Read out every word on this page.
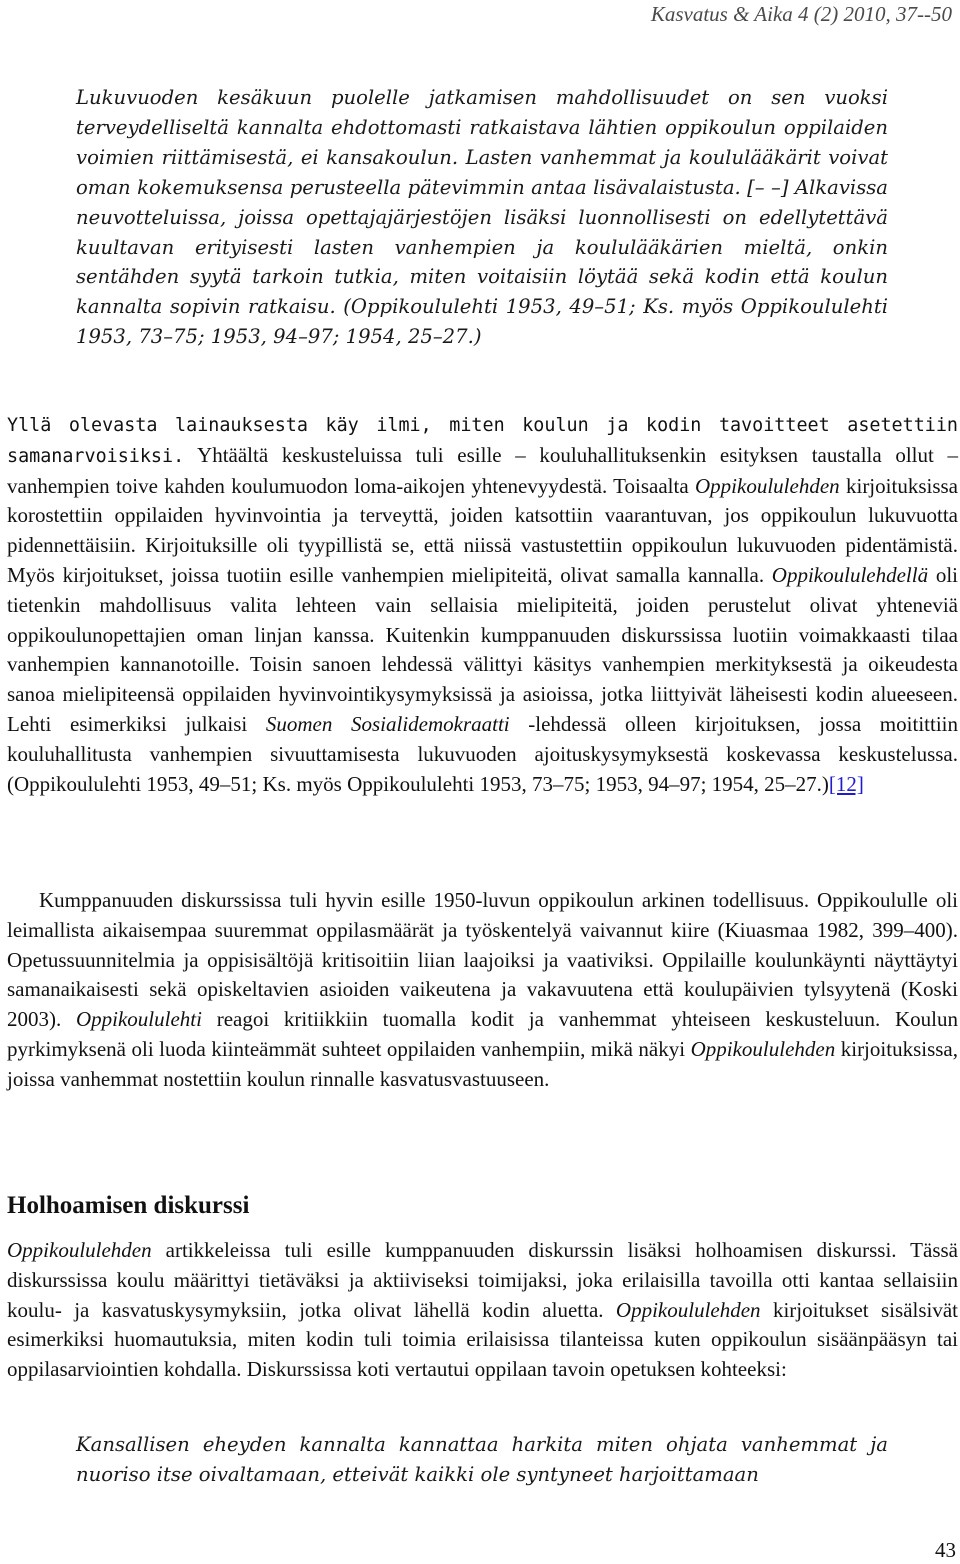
Kasvatus & Aika 4 (2) 2010, 37--50

Lukuvuoden kesäkuun puolelle jatkamisen mahdollisuudet on sen vuoksi terveydelliseltä kannalta ehdottomasti ratkaistava lähtien oppikoulun oppilaiden voimien riittämisestä, ei kansakoulun. Lasten vanhemmat ja koululääkärit voivat oman kokemuksensa perusteella pätevimmin antaa lisävalaistusta. [– –] Alkavissa neuvotteluissa, joissa opettajajärjestöjen lisäksi luonnollisesti on edellytettävä kuultavan erityisesti lasten vanhempien ja koululääkärien mieltä, onkin sentähden syytä tarkoin tutkia, miten voitaisiin löytää sekä kodin että koulun kannalta sopivin ratkaisu. (Oppikoululehti 1953, 49–51; Ks. myös Oppikoululehti 1953, 73–75; 1953, 94–97; 1954, 25–27.)

Yllä olevasta lainauksesta käy ilmi, miten koulun ja kodin tavoitteet asetettiin samanarvoisiksi. Yhtäältä keskusteluissa tuli esille – kouluhallituksenkin esityksen taustalla ollut – vanhempien toive kahden koulumuodon loma-aikojen yhtenevyydestä. Toisaalta Oppikoululehden kirjoituksissa korostettiin oppilaiden hyvinvointia ja terveyttä, joiden katsottiin vaarantuvan, jos oppikoulun lukuvuotta pidennettäisiin. Kirjoituksille oli tyypillistä se, että niissä vastustettiin oppikoulun lukuvuoden pidentämistä. Myös kirjoitukset, joissa tuotiin esille vanhempien mielipiteitä, olivat samalla kannalla. Oppikoululehdellä oli tietenkin mahdollisuus valita lehteen vain sellaisia mielipiteitä, joiden perustelut olivat yhteneviä oppikoulunopettajien oman linjan kanssa. Kuitenkin kumppanuuden diskurssissa luotiin voimakkaasti tilaa vanhempien kannanotoille. Toisin sanoen lehdessä välittyi käsitys vanhempien merkityksestä ja oikeudesta sanoa mielipiteensä oppilaiden hyvinvointikysymyksissä ja asioissa, jotka liittyivät läheisesti kodin alueeseen. Lehti esimerkiksi julkaisi Suomen Sosialidemokraatti -lehdessä olleen kirjoituksen, jossa moitittiin kouluhallitusta vanhempien sivuuttamisesta lukuvuoden ajoituskysymyksestä koskevassa keskustelussa. (Oppikoululehti 1953, 49–51; Ks. myös Oppikoululehti 1953, 73–75; 1953, 94–97; 1954, 25–27.)[12]

Kumppanuuden diskurssissa tuli hyvin esille 1950-luvun oppikoulun arkinen todellisuus. Oppikoululle oli leimallista aikaisempaa suuremmat oppilasmäärät ja työskentelyä vaivannut kiire (Kiuasmaa 1982, 399–400). Opetussuunnitelmia ja oppisisältöjä kritisoitiin liian laajoiksi ja vaativiksi. Oppilaille koulunkäynti näyttäytyi samanaikaisesti sekä opiskeltavien asioiden vaikeutena ja vakavuutena että koulupäivien tylsyytenä (Koski 2003). Oppikoululehti reagoi kritiikkiin tuomalla kodit ja vanhemmat yhteiseen keskusteluun. Koulun pyrkimyksenä oli luoda kiinteämmät suhteet oppilaiden vanhempiin, mikä näkyi Oppikoululehden kirjoituksissa, joissa vanhemmat nostettiin koulun rinnalle kasvatusvastuuseen.

Holhoamisen diskurssi

Oppikoululehden artikkeleissa tuli esille kumppanuuden diskurssin lisäksi holhoamisen diskurssi. Tässä diskurssissa koulu määrittyi tietäväksi ja aktiiviseksi toimijaksi, joka erilaisilla tavoilla otti kantaa sellaisiin koulu- ja kasvatuskysymyksiin, jotka olivat lähellä kodin aluetta. Oppikoululehden kirjoitukset sisälsivät esimerkiksi huomautuksia, miten kodin tuli toimia erilaisissa tilanteissa kuten oppikoulun sisäänpääsyn tai oppilasarviointien kohdalla. Diskurssissa koti vertautui oppilaan tavoin opetuksen kohteeksi:

Kansallisen eheyden kannalta kannattaa harkita miten ohjata vanhemmat ja nuoriso itse oivaltamaan, etteivät kaikki ole syntyneet harjoittamaan

43
